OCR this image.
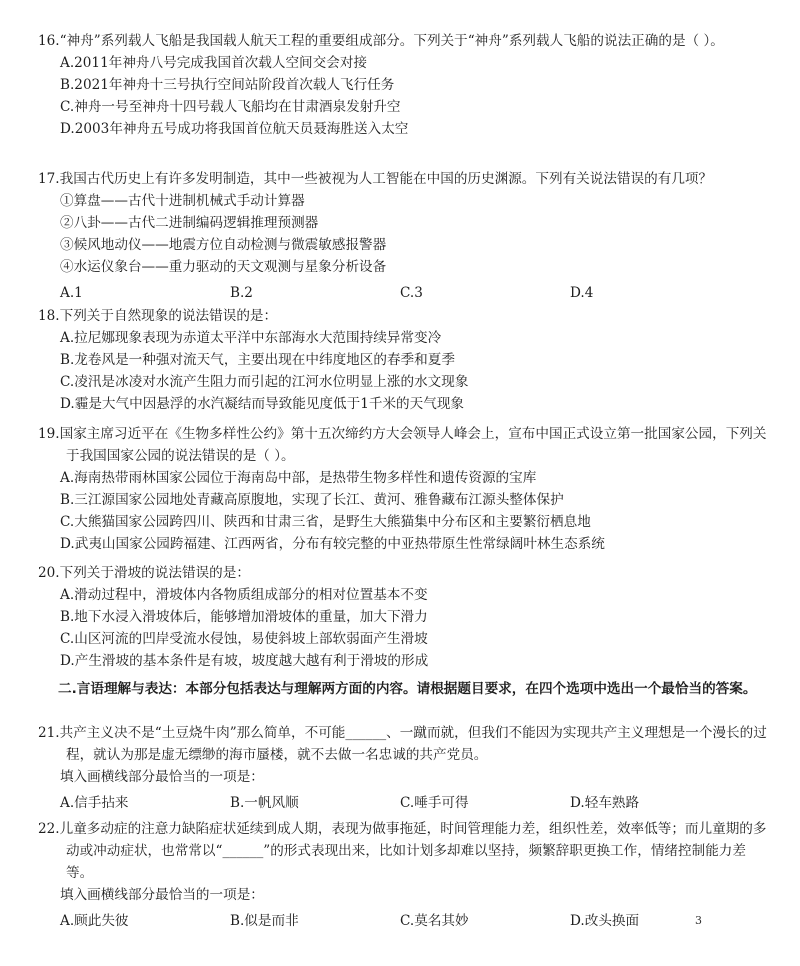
16.“神舟”系列载人飞船是我国载人航天工程的重要组成部分。下列关于“神舟”系列载人飞船的说法正确的是（ ）。
A.2011年神舟八号完成我国首次载人空间交会对接
B.2021年神舟十三号执行空间站阶段首次载人飞行任务
C.神舟一号至神舟十四号载人飞船均在甘肃酒泉发射升空
D.2003年神舟五号成功将我国首位航天员聂海胜送入太空
17.我国古代历史上有许多发明制造，其中一些被视为人工智能在中国的历史渊源。下列有关说法错误的有几项？
①算盘——古代十进制机械式手动计算器
②八卦——古代二进制编码逻辑推理预测器
③候风地动仪——地震方位自动检测与微震敏感报警器
④水运仪象台——重力驱动的天文观测与星象分析设备
A.1	B.2	C.3	D.4
18.下列关于自然现象的说法错误的是：
A.拉尼娜现象表现为赤道太平洋中东部海水大范围持续异常变冷
B.龙卷风是一种强对流天气，主要出现在中纬度地区的春季和夏季
C.凌汛是冰凌对水流产生阻力而引起的江河水位明显上涨的水文现象
D.霾是大气中因悬浮的水汽凝结而导致能见度低于1千米的天气现象
19.国家主席习近平在《生物多样性公约》第十五次缔约方大会领导人峰会上，宣布中国正式设立第一批国家公园，下列关于我国国家公园的说法错误的是（ ）。
A.海南热带雨林国家公园位于海南岛中部，是热带生物多样性和遗传资源的宝库
B.三江源国家公园地处青藏高原腹地，实现了长江、黄河、雅鲁藏布江源头整体保护
C.大熊猫国家公园跨四川、陕西和甘肃三省，是野生大熊猫集中分布区和主要繁衍栖息地
D.武夷山国家公园跨福建、江西两省，分布有较完整的中亚热带原生性常绿阔叶林生态系统
20.下列关于滑坡的说法错误的是：
A.滑动过程中，滑坡体内各物质组成部分的相对位置基本不变
B.地下水浸入滑坡体后，能够增加滑坡体的重量，加大下滑力
C.山区河流的凹岸受流水侵蚀，易使斜坡上部软弱面产生滑坡
D.产生滑坡的基本条件是有坡，坡度越大越有利于滑坡的形成
二.言语理解与表达：本部分包括表达与理解两方面的内容。请根据题目要求，在四个选项中选出一个最恰当的答案。
21.共产主义决不是“土豆烧牛肉”那么简单，不可能______、一蹴而就，但我们不能因为实现共产主义理想是一个漫长的过程，就认为那是虚无缥缈的海市蜃楼，就不去做一名忠诚的共产党员。
填入画横线部分最恰当的一项是：
A.信手拈来	B.一帆风顺	C.唾手可得	D.轻车熟路
22.儿童多动症的注意力缺陷症状延续到成人期，表现为做事拖延，时间管理能力差，组织性差，效率低等；而儿童期的多动或冲动症状，也常常以“______”的形式表现出来，比如计划多却难以坚持，频繁辞职更换工作，情绪控制能力差等。
填入画横线部分最恰当的一项是：
A.顾此失彼	B.似是而非	C.莫名其妙	D.改头换面	3
